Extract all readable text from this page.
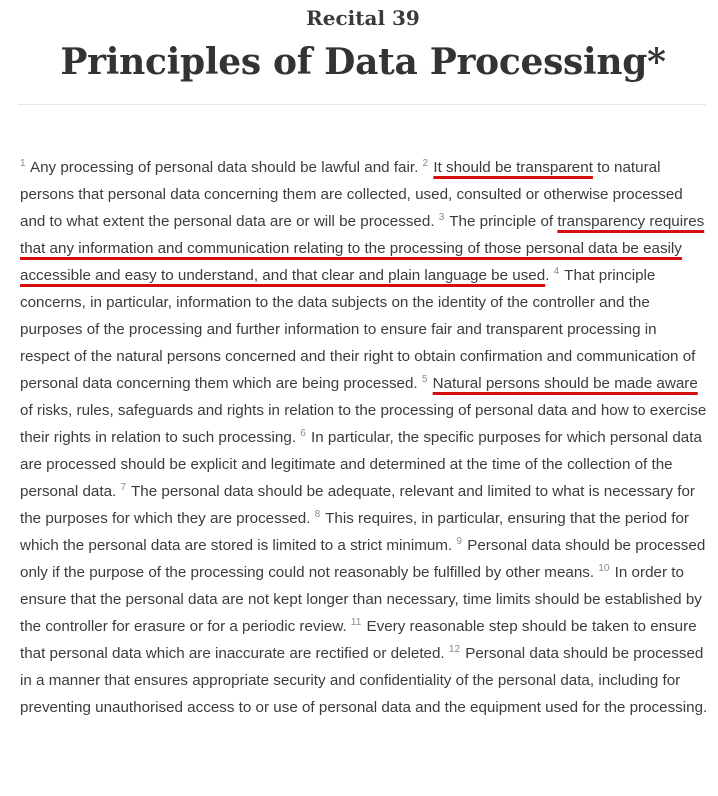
Recital 39
Principles of Data Processing*

$^1$ Any processing of personal data should be lawful and fair. $^2$ It should be transparent to natural persons that personal data concerning them are collected, used, consulted or otherwise processed and to what extent the personal data are or will be processed. $^3$ The principle of transparency requires that any information and communication relating to the processing of those personal data be easily accessible and easy to understand, and that clear and plain language be used. $^4$ That principle concerns, in particular, information to the data subjects on the identity of the controller and the purposes of the processing and further information to ensure fair and transparent processing in respect of the natural persons concerned and their right to obtain confirmation and communication of personal data concerning them which are being processed. $^5$ Natural persons should be made aware of risks, rules, safeguards and rights in relation to the processing of personal data and how to exercise their rights in relation to such processing. $^6$ In particular, the specific purposes for which personal data are processed should be explicit and legitimate and determined at the time of the collection of the personal data. $^7$ The personal data should be adequate, relevant and limited to what is necessary for the purposes for which they are processed. $^8$ This requires, in particular, ensuring that the period for which the personal data are stored is limited to a strict minimum. $^9$ Personal data should be processed only if the purpose of the processing could not reasonably be fulfilled by other means. $^{10}$ In order to ensure that the personal data are not kept longer than necessary, time limits should be established by the controller for erasure or for a periodic review. $^{11}$ Every reasonable step should be taken to ensure that personal data which are inaccurate are rectified or deleted. $^{12}$ Personal data should be processed in a manner that ensures appropriate security and confidentiality of the personal data, including for preventing unauthorised access to or use of personal data and the equipment used for the processing.
